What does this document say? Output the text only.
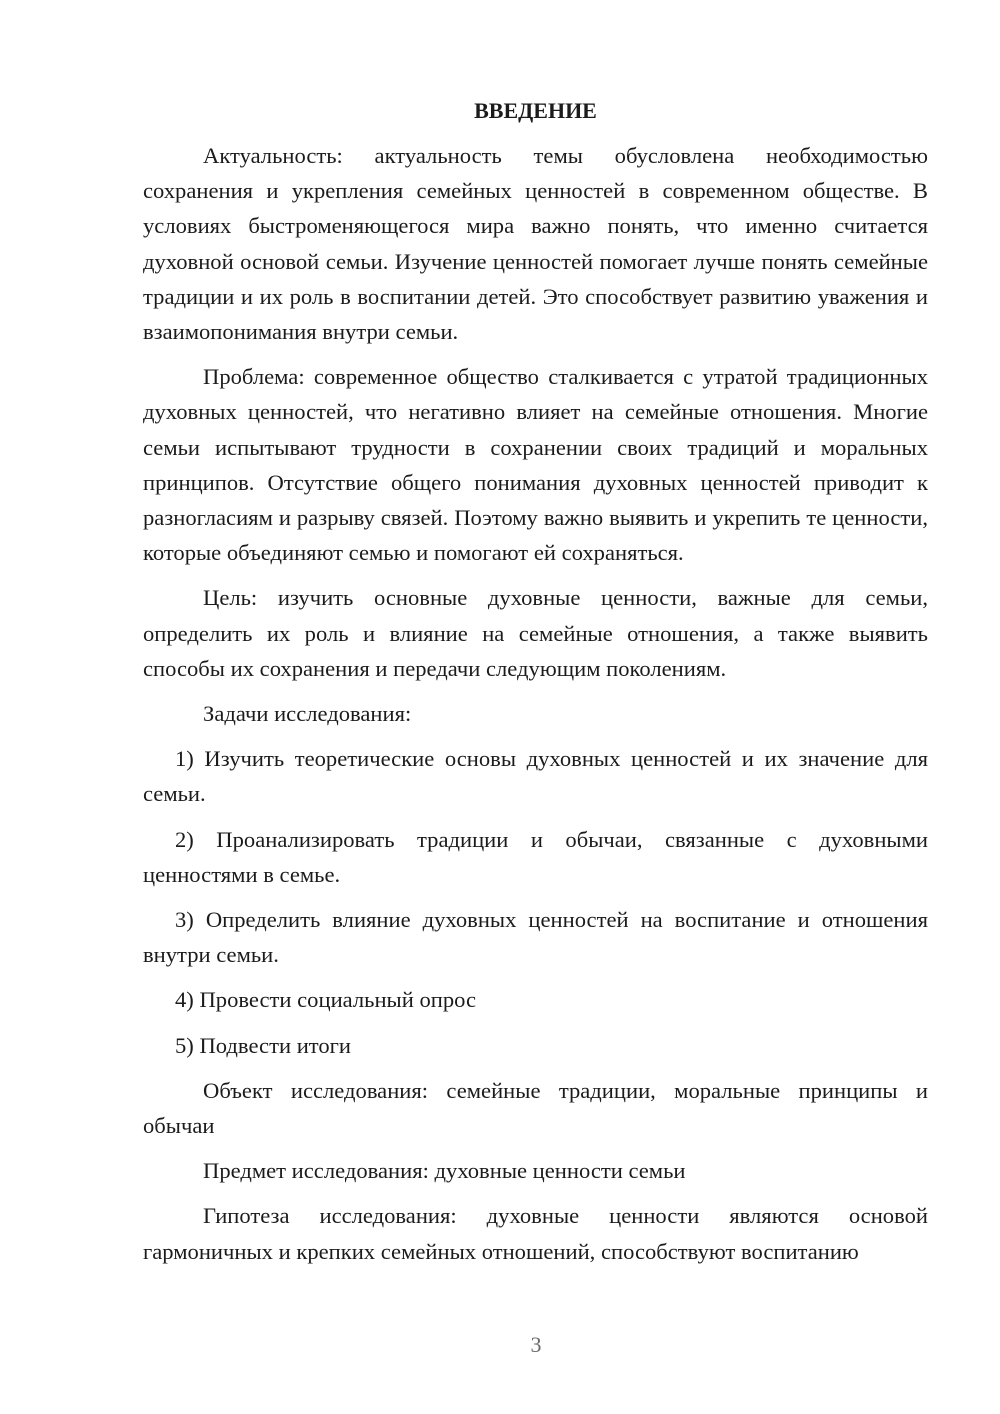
ВВЕДЕНИЕ

Актуальность: актуальность темы обусловлена необходимостью сохранения и укрепления семейных ценностей в современном обществе. В условиях быстроменяющегося мира важно понять, что именно считается духовной основой семьи. Изучение ценностей помогает лучше понять семейные традиции и их роль в воспитании детей. Это способствует развитию уважения и взаимопонимания внутри семьи.

Проблема: современное общество сталкивается с утратой традиционных духовных ценностей, что негативно влияет на семейные отношения. Многие семьи испытывают трудности в сохранении своих традиций и моральных принципов. Отсутствие общего понимания духовных ценностей приводит к разногласиям и разрыву связей. Поэтому важно выявить и укрепить те ценности, которые объединяют семью и помогают ей сохраняться.

Цель: изучить основные духовные ценности, важные для семьи, определить их роль и влияние на семейные отношения, а также выявить способы их сохранения и передачи следующим поколениям.

Задачи исследования:

1) Изучить теоретические основы духовных ценностей и их значение для семьи.

2) Проанализировать традиции и обычаи, связанные с духовными ценностями в семье.

3) Определить влияние духовных ценностей на воспитание и отношения внутри семьи.

4) Провести социальный опрос

5) Подвести итоги

Объект исследования: семейные традиции, моральные принципы и обычаи

Предмет исследования: духовные ценности семьи

Гипотеза исследования: духовные ценности являются основой гармоничных и крепких семейных отношений, способствуют воспитанию

3
